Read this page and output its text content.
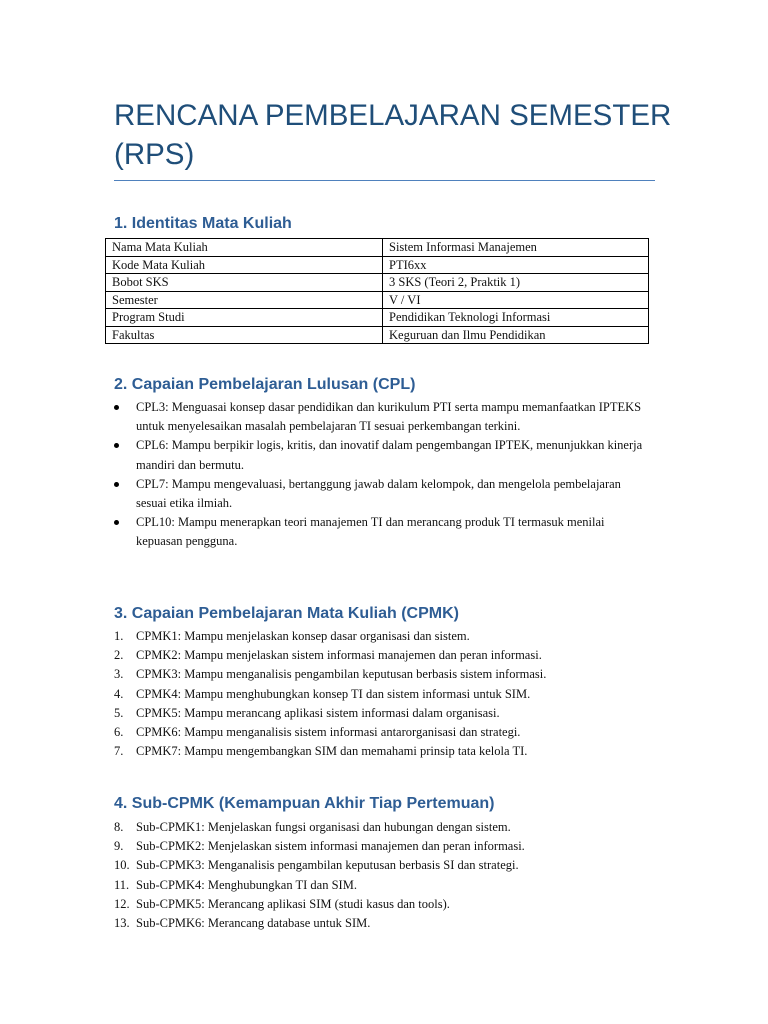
RENCANA PEMBELAJARAN SEMESTER (RPS)
1. Identitas Mata Kuliah
Nama Mata Kuliah	Sistem Informasi Manajemen
Kode Mata Kuliah	PTI6xx
Bobot SKS	3 SKS (Teori 2, Praktik 1)
Semester	V / VI
Program Studi	Pendidikan Teknologi Informasi
Fakultas	Keguruan dan Ilmu Pendidikan
2. Capaian Pembelajaran Lulusan (CPL)
CPL3: Menguasai konsep dasar pendidikan dan kurikulum PTI serta mampu memanfaatkan IPTEKS untuk menyelesaikan masalah pembelajaran TI sesuai perkembangan terkini.
CPL6: Mampu berpikir logis, kritis, dan inovatif dalam pengembangan IPTEK, menunjukkan kinerja mandiri dan bermutu.
CPL7: Mampu mengevaluasi, bertanggung jawab dalam kelompok, dan mengelola pembelajaran sesuai etika ilmiah.
CPL10: Mampu menerapkan teori manajemen TI dan merancang produk TI termasuk menilai kepuasan pengguna.
3. Capaian Pembelajaran Mata Kuliah (CPMK)
1.	CPMK1: Mampu menjelaskan konsep dasar organisasi dan sistem.
2.	CPMK2: Mampu menjelaskan sistem informasi manajemen dan peran informasi.
3.	CPMK3: Mampu menganalisis pengambilan keputusan berbasis sistem informasi.
4.	CPMK4: Mampu menghubungkan konsep TI dan sistem informasi untuk SIM.
5.	CPMK5: Mampu merancang aplikasi sistem informasi dalam organisasi.
6.	CPMK6: Mampu menganalisis sistem informasi antarorganisasi dan strategi.
7.	CPMK7: Mampu mengembangkan SIM dan memahami prinsip tata kelola TI.
4. Sub-CPMK (Kemampuan Akhir Tiap Pertemuan)
8.	Sub-CPMK1: Menjelaskan fungsi organisasi dan hubungan dengan sistem.
9.	Sub-CPMK2: Menjelaskan sistem informasi manajemen dan peran informasi.
10. Sub-CPMK3: Menganalisis pengambilan keputusan berbasis SI dan strategi.
11. Sub-CPMK4: Menghubungkan TI dan SIM.
12. Sub-CPMK5: Merancang aplikasi SIM (studi kasus dan tools).
13. Sub-CPMK6: Merancang database untuk SIM.
